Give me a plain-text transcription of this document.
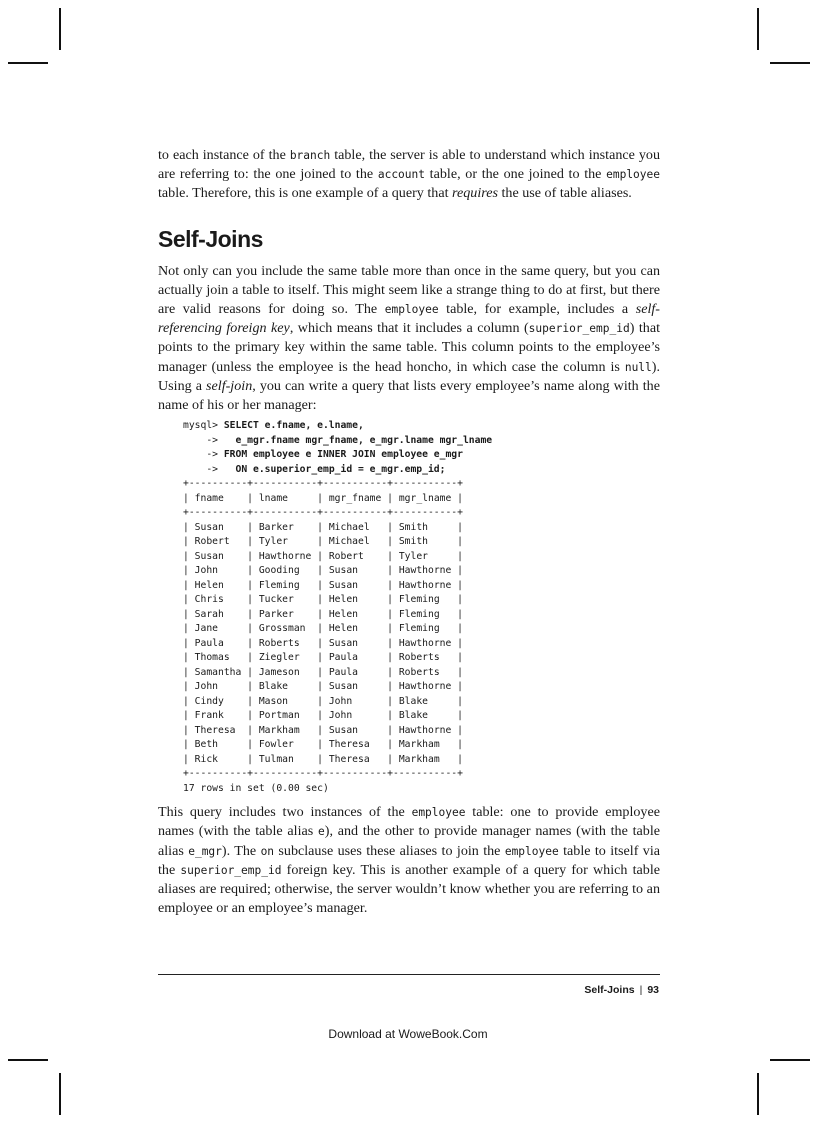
to each instance of the branch table, the server is able to understand which instance you are referring to: the one joined to the account table, or the one joined to the employee table. Therefore, this is one example of a query that requires the use of table aliases.

Self-Joins

Not only can you include the same table more than once in the same query, but you can actually join a table to itself. This might seem like a strange thing to do at first, but there are valid reasons for doing so. The employee table, for example, includes a self-referencing foreign key, which means that it includes a column (superior_emp_id) that points to the primary key within the same table. This column points to the employee’s manager (unless the employee is the head honcho, in which case the column is null). Using a self-join, you can write a query that lists every employee’s name along with the name of his or her manager:

mysql> SELECT e.fname, e.lname,
->   e_mgr.fname mgr_fname, e_mgr.lname mgr_lname
-> FROM employee e INNER JOIN employee e_mgr
->   ON e.superior_emp_id = e_mgr.emp_id;
+----------+-----------+-----------+-----------+
| fname    | lname     | mgr_fname | mgr_lname |
+----------+-----------+-----------+-----------+
| Susan    | Barker    | Michael   | Smith     |
| Robert   | Tyler     | Michael   | Smith     |
| Susan    | Hawthorne | Robert    | Tyler     |
| John     | Gooding   | Susan     | Hawthorne |
| Helen    | Fleming   | Susan     | Hawthorne |
| Chris    | Tucker    | Helen     | Fleming   |
| Sarah    | Parker    | Helen     | Fleming   |
| Jane     | Grossman  | Helen     | Fleming   |
| Paula    | Roberts   | Susan     | Hawthorne |
| Thomas   | Ziegler   | Paula     | Roberts   |
| Samantha | Jameson   | Paula     | Roberts   |
| John     | Blake     | Susan     | Hawthorne |
| Cindy    | Mason     | John      | Blake     |
| Frank    | Portman   | John      | Blake     |
| Theresa  | Markham   | Susan     | Hawthorne |
| Beth     | Fowler    | Theresa   | Markham   |
| Rick     | Tulman    | Theresa   | Markham   |
+----------+-----------+-----------+-----------+
17 rows in set (0.00 sec)

This query includes two instances of the employee table: one to provide employee names (with the table alias e), and the other to provide manager names (with the table alias e_mgr). The on subclause uses these aliases to join the employee table to itself via the superior_emp_id foreign key. This is another example of a query for which table aliases are required; otherwise, the server wouldn’t know whether you are referring to an employee or an employee’s manager.

Self-Joins | 93
Download at WoweBook.Com
